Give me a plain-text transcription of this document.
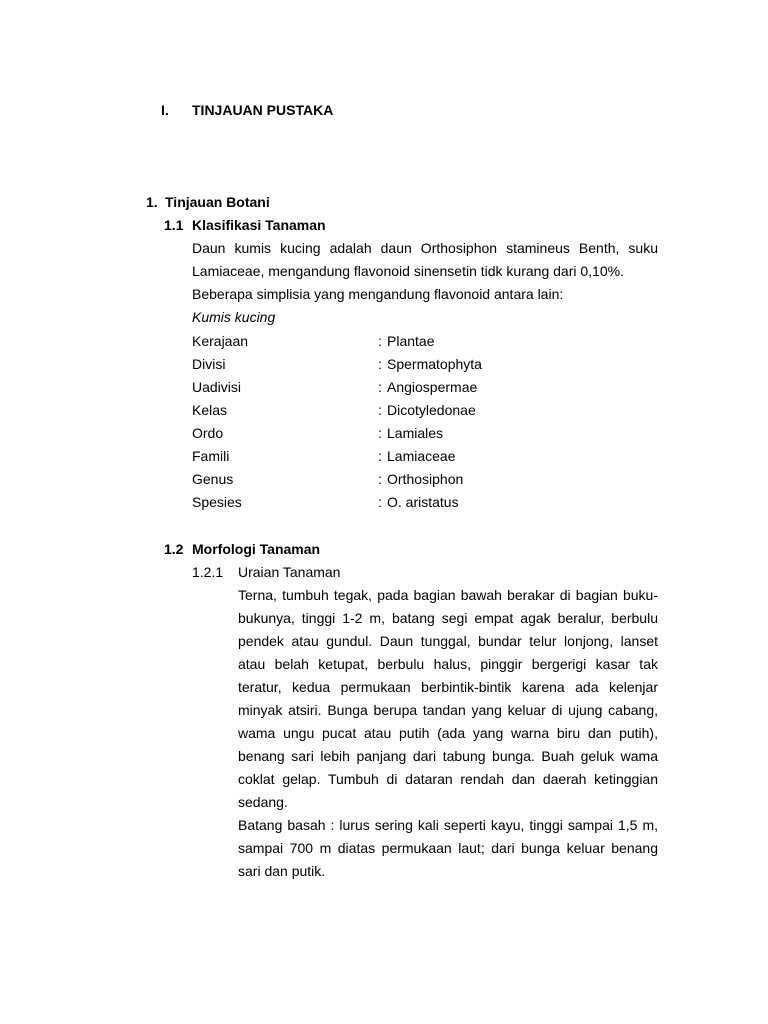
I. TINJAUAN PUSTAKA
1. Tinjauan Botani
1.1 Klasifikasi Tanaman

Daun kumis kucing adalah daun Orthosiphon stamineus Benth, suku Lamiaceae, mengandung flavonoid sinensetin tidk kurang dari 0,10%.

Beberapa simplisia yang mengandung flavonoid antara lain:
Kumis kucing
Kerajaan	: Plantae
Divisi	: Spermatophyta
Uadivisi	: Angiospermae
Kelas	: Dicotyledonae
Ordo	: Lamiales
Famili	: Lamiaceae
Genus	: Orthosiphon
Spesies	: O. aristatus
1.2 Morfologi Tanaman
1.2.1 Uraian Tanaman

Terna, tumbuh tegak, pada bagian bawah berakar di bagian buku-bukunya, tinggi 1-2 m, batang segi empat agak beralur, berbulu pendek atau gundul. Daun tunggal, bundar telur lonjong, lanset atau belah ketupat, berbulu halus, pinggir bergerigi kasar tak teratur, kedua permukaan berbintik-bintik karena ada kelenjar minyak atsiri. Bunga berupa tandan yang keluar di ujung cabang, wama ungu pucat atau putih (ada yang warna biru dan putih), benang sari lebih panjang dari tabung bunga. Buah geluk wama coklat gelap. Tumbuh di dataran rendah dan daerah ketinggian sedang.

Batang basah : lurus sering kali seperti kayu, tinggi sampai 1,5 m, sampai 700 m diatas permukaan laut; dari bunga keluar benang sari dan putik.
